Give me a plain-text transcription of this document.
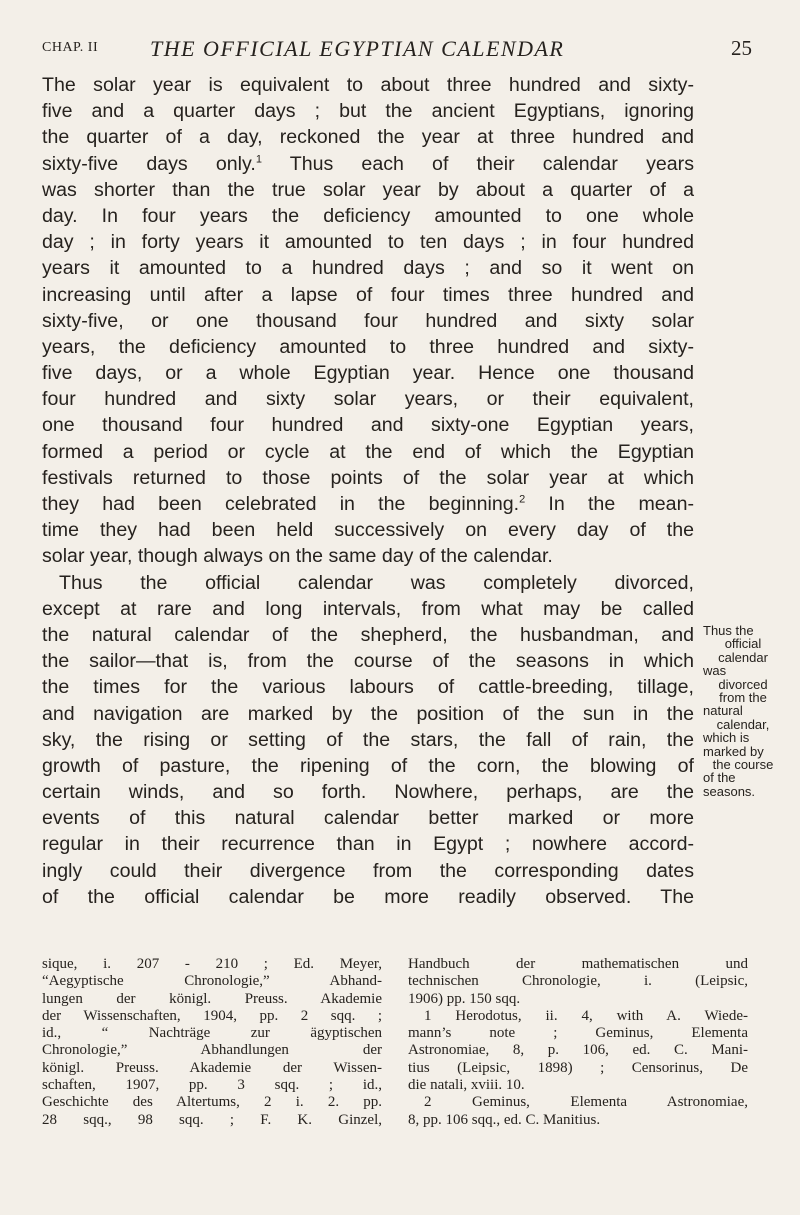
CHAP. II THE OFFICIAL EGYPTIAN CALENDAR	25
The solar year is equivalent to about three hundred and sixty-
five and a quarter days ; but the ancient Egyptians, ignoring
the quarter of a day, reckoned the year at three hundred and
sixty-five days only.$^1$ Thus each of their calendar years
was shorter than the true solar year by about a quarter of a
day. In four years the deficiency amounted to one whole
day ; in forty years it amounted to ten days ; in four hundred
years it amounted to a hundred days ; and so it went on
increasing until after a lapse of four times three hundred and
sixty-five, or one thousand four hundred and sixty solar
years, the deficiency amounted to three hundred and sixty-
five days, or a whole Egyptian year. Hence one thousand
four hundred and sixty solar years, or their equivalent,
one thousand four hundred and sixty-one Egyptian years,
formed a period or cycle at the end of which the Egyptian
festivals returned to those points of the solar year at which
they had been celebrated in the beginning.$^2$ In the mean-
time they had been held successively on every day of the
solar year, though always on the same day of the calendar.
Thus the official calendar was completely divorced,
except at rare and long intervals, from what may be called
the natural calendar of the shepherd, the husbandman, and
the sailor—that is, from the course of the seasons in which
the times for the various labours of cattle-breeding, tillage,
and navigation are marked by the position of the sun in the
sky, the rising or setting of the stars, the fall of rain, the
growth of pasture, the ripening of the corn, the blowing of
certain winds, and so forth. Nowhere, perhaps, are the
events of this natural calendar better marked or more
regular in their recurrence than in Egypt ; nowhere accord-
ingly could their divergence from the corresponding dates
of the official calendar be more readily observed. The
Thus the
official
calendar
was
divorced
from the
natural
calendar,
which is
marked by
the course
of the
seasons.
sique, i. 207 - 210 ; Ed. Meyer,
“Aegyptische Chronologie,” Abhand-
lungen der königl. Preuss. Akademie
der Wissenschaften, 1904, pp. 2 sqq. ;
id., “ Nachträge zur ägyptischen
Chronologie,” Abhandlungen der
königl. Preuss. Akademie der Wissen-
schaften, 1907, pp. 3 sqq. ; id.,
Geschichte des Altertums, 2 i. 2. pp.
28 sqq., 98 sqq. ; F. K. Ginzel,
Handbuch der mathematischen und
technischen Chronologie, i. (Leipsic,
1906) pp. 150 sqq.
1 Herodotus, ii. 4, with A. Wiede-
mann’s note ; Geminus, Elementa
Astronomiae, 8, p. 106, ed. C. Mani-
tius (Leipsic, 1898) ; Censorinus, De
die natali, xviii. 10.
2 Geminus, Elementa Astronomiae,
8, pp. 106 sqq., ed. C. Manitius.
